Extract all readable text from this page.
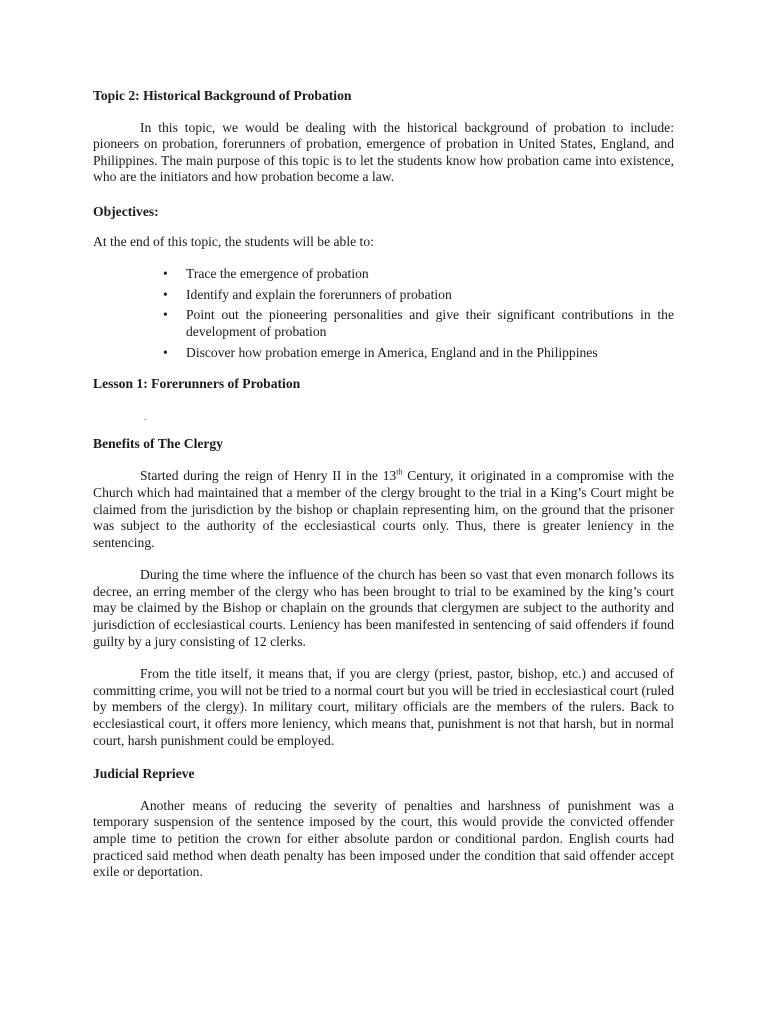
Topic 2: Historical Background of Probation

In this topic, we would be dealing with the historical background of probation to include: pioneers on probation, forerunners of probation, emergence of probation in United States, England, and Philippines. The main purpose of this topic is to let the students know how probation came into existence, who are the initiators and how probation become a law.

Objectives:

At the end of this topic, the students will be able to:

• Trace the emergence of probation
• Identify and explain the forerunners of probation
• Point out the pioneering personalities and give their significant contributions in the development of probation
• Discover how probation emerge in America, England and in the Philippines
Lesson 1: Forerunners of Probation
.
Benefits of The Clergy

Started during the reign of Henry II in the 13th Century, it originated in a compromise with the Church which had maintained that a member of the clergy brought to the trial in a King’s Court might be claimed from the jurisdiction by the bishop or chaplain representing him, on the ground that the prisoner was subject to the authority of the ecclesiastical courts only. Thus, there is greater leniency in the sentencing.

During the time where the influence of the church has been so vast that even monarch follows its decree, an erring member of the clergy who has been brought to trial to be examined by the king’s court may be claimed by the Bishop or chaplain on the grounds that clergymen are subject to the authority and jurisdiction of ecclesiastical courts. Leniency has been manifested in sentencing of said offenders if found guilty by a jury consisting of 12 clerks.

From the title itself, it means that, if you are clergy (priest, pastor, bishop, etc.) and accused of committing crime, you will not be tried to a normal court but you will be tried in ecclesiastical court (ruled by members of the clergy). In military court, military officials are the members of the rulers. Back to ecclesiastical court, it offers more leniency, which means that, punishment is not that harsh, but in normal court, harsh punishment could be employed.

Judicial Reprieve

Another means of reducing the severity of penalties and harshness of punishment was a temporary suspension of the sentence imposed by the court, this would provide the convicted offender ample time to petition the crown for either absolute pardon or conditional pardon. English courts had practiced said method when death penalty has been imposed under the condition that said offender accept exile or deportation.
